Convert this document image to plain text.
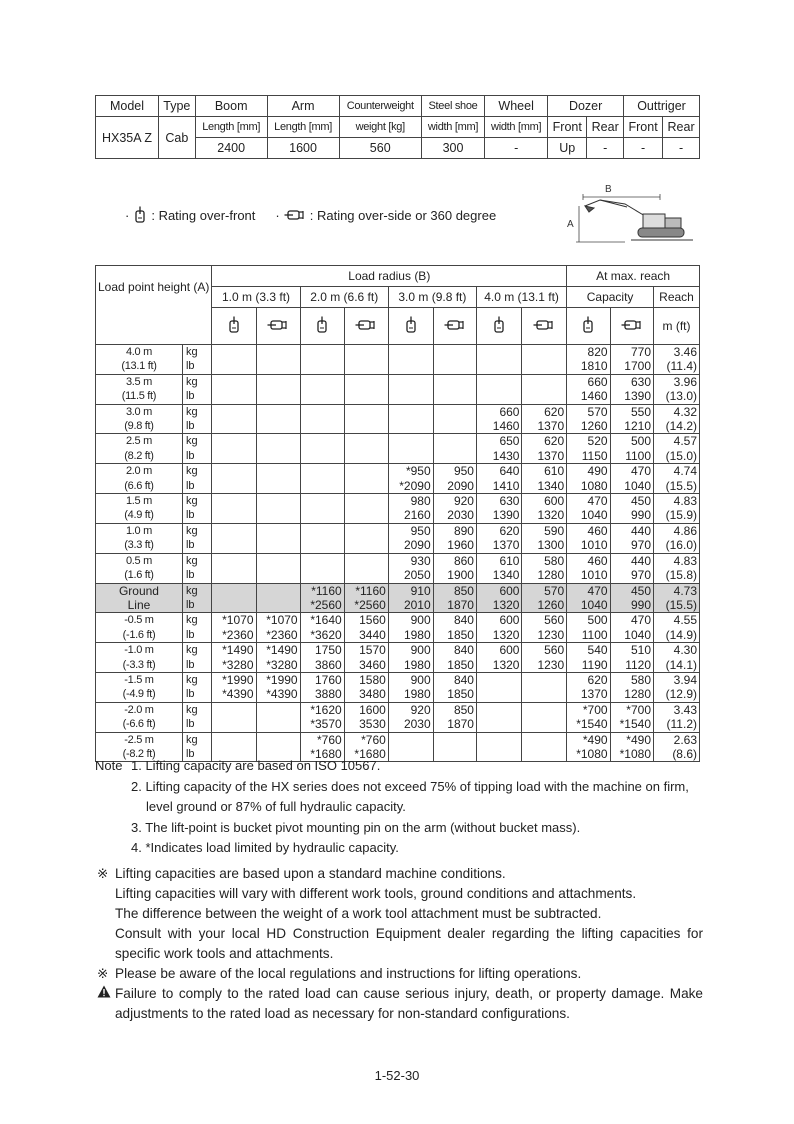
Model	Type	Boom	Arm	Counterweight	Steel shoe	Wheel	Dozer		Outtriger	
HX35A Z	Cab	Length [mm]	Length [mm]	weight [kg]	width [mm]	width [mm]	Front	Rear	Front	Rear
		2400	1600	560	300	-	Up	-	-	-
· : Rating over-front · : Rating over-side or 360 degree
B
A
Load point height (A)		Load radius (B)								At max. reach		
		1.0 m (3.3 ft)		2.0 m (6.6 ft)		3.0 m (9.8 ft)		4.0 m (13.1 ft)		Capacity		Reach
											m (ft)
4.0 m	kg									820	770	3.46
(13.1 ft)	lb									1810	1700	(11.4)
3.5 m	kg									660	630	3.96
(11.5 ft)	lb									1460	1390	(13.0)
3.0 m	kg							660	620	570	550	4.32
(9.8 ft)	lb							1460	1370	1260	1210	(14.2)
2.5 m	kg							650	620	520	500	4.57
(8.2 ft)	lb							1430	1370	1150	1100	(15.0)
2.0 m	kg					*950	950	640	610	490	470	4.74
(6.6 ft)	lb					*2090	2090	1410	1340	1080	1040	(15.5)
1.5 m	kg					980	920	630	600	470	450	4.83
(4.9 ft)	lb					2160	2030	1390	1320	1040	990	(15.9)
1.0 m	kg					950	890	620	590	460	440	4.86
(3.3 ft)	lb					2090	1960	1370	1300	1010	970	(16.0)
0.5 m	kg					930	860	610	580	460	440	4.83
(1.6 ft)	lb					2050	1900	1340	1280	1010	970	(15.8)
Ground	kg			*1160	*1160	910	850	600	570	470	450	4.73
Line	lb			*2560	*2560	2010	1870	1320	1260	1040	990	(15.5)
-0.5 m	kg	*1070	*1070	*1640	1560	900	840	600	560	500	470	4.55
(-1.6 ft)	lb	*2360	*2360	*3620	3440	1980	1850	1320	1230	1100	1040	(14.9)
-1.0 m	kg	*1490	*1490	1750	1570	900	840	600	560	540	510	4.30
(-3.3 ft)	lb	*3280	*3280	3860	3460	1980	1850	1320	1230	1190	1120	(14.1)
-1.5 m	kg	*1990	*1990	1760	1580	900	840			620	580	3.94
(-4.9 ft)	lb	*4390	*4390	3880	3480	1980	1850			1370	1280	(12.9)
-2.0 m	kg			*1620	1600	920	850			*700	*700	3.43
(-6.6 ft)	lb			*3570	3530	2030	1870			*1540	*1540	(11.2)
-2.5 m	kg			*760	*760					*490	*490	2.63
(-8.2 ft)	lb			*1680	*1680					*1080	*1080	(8.6)
Note 1. Lifting capacity are based on ISO 10567.
2. Lifting capacity of the HX series does not exceed 75% of tipping load with the machine on firm,
level ground or 87% of full hydraulic capacity.
3. The lift-point is bucket pivot mounting pin on the arm (without bucket mass).
4. *Indicates load limited by hydraulic capacity.
※ Lifting capacities are based upon a standard machine conditions.
Lifting capacities will vary with different work tools, ground conditions and attachments.
The difference between the weight of a work tool attachment must be subtracted.
Consult with your local HD Construction Equipment dealer regarding the lifting capacities for specific work tools and attachments.
※ Please be aware of the local regulations and instructions for lifting operations.
Failure to comply to the rated load can cause serious injury, death, or property damage. Make adjustments to the rated load as necessary for non-standard configurations.
1-52-30
